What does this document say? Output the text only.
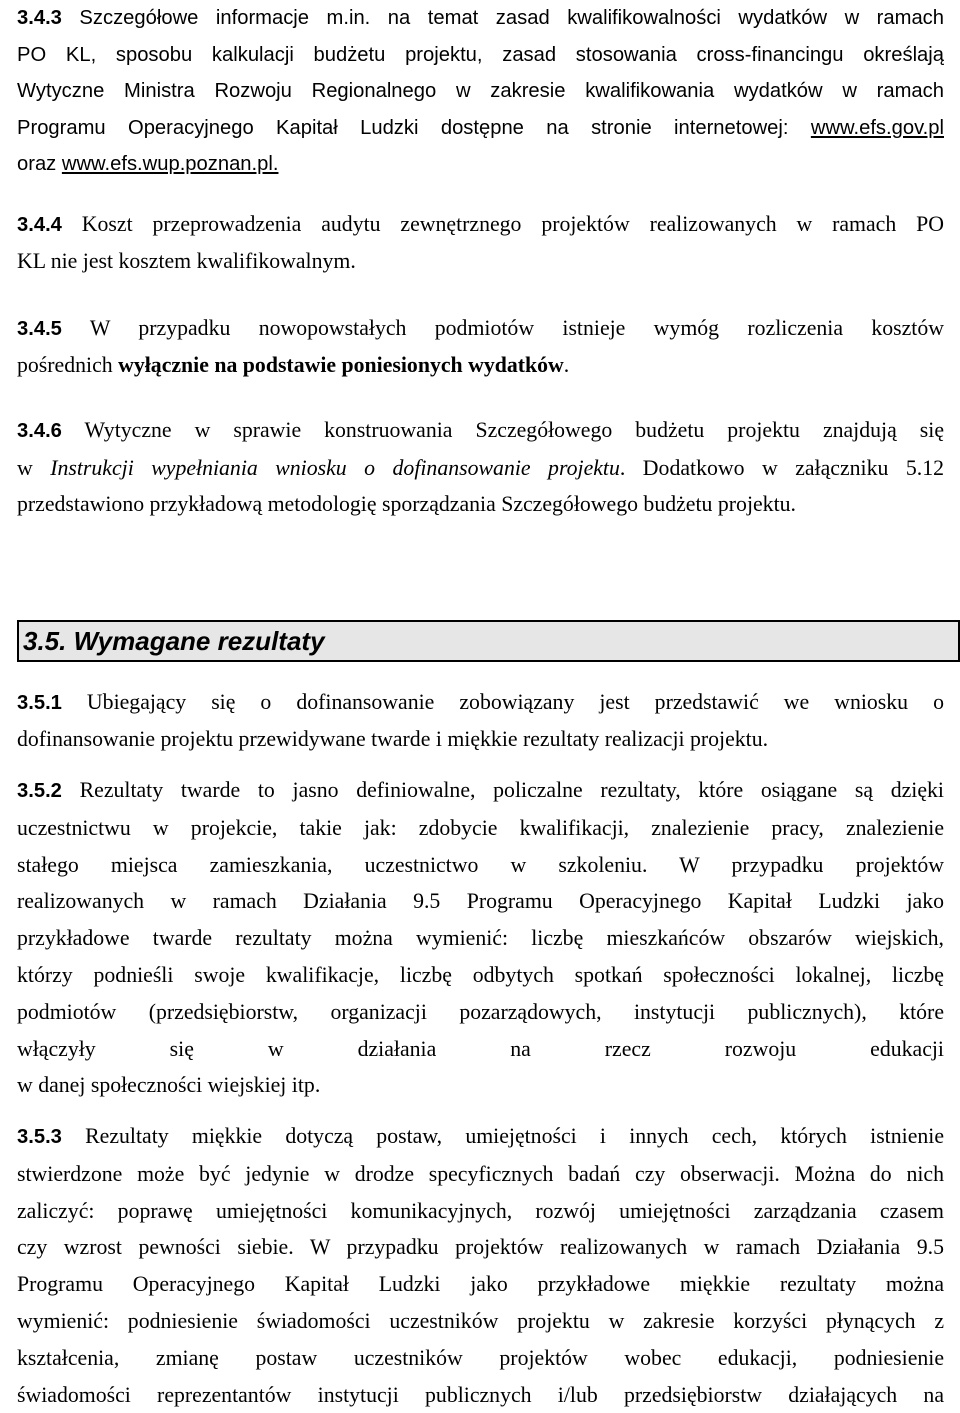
3.4.3 Szczegółowe informacje m.in. na temat zasad kwalifikowalności wydatków w ramach
PO KL, sposobu kalkulacji budżetu projektu, zasad stosowania cross-financingu określają
Wytyczne Ministra Rozwoju Regionalnego w zakresie kwalifikowania wydatków w ramach
Programu Operacyjnego Kapitał Ludzki dostępne na stronie internetowej: www.efs.gov.pl
oraz www.efs.wup.poznan.pl.
3.4.4 Koszt przeprowadzenia audytu zewnętrznego projektów realizowanych w ramach PO
KL nie jest kosztem kwalifikowalnym.
3.4.5 W przypadku nowopowstałych podmiotów istnieje wymóg rozliczenia kosztów
pośrednich wyłącznie na podstawie poniesionych wydatków.
3.4.6 Wytyczne w sprawie konstruowania Szczegółowego budżetu projektu znajdują się
w Instrukcji wypełniania wniosku o dofinansowanie projektu. Dodatkowo w załączniku 5.12
przedstawiono przykładową metodologię sporządzania Szczegółowego budżetu projektu.
3.5. Wymagane rezultaty
3.5.1 Ubiegający się o dofinansowanie zobowiązany jest przedstawić we wniosku o
dofinansowanie projektu przewidywane twarde i miękkie rezultaty realizacji projektu.
3.5.2 Rezultaty twarde to jasno definiowalne, policzalne rezultaty, które osiągane są dzięki
uczestnictwu w projekcie, takie jak: zdobycie kwalifikacji, znalezienie pracy, znalezienie
stałego miejsca zamieszkania, uczestnictwo w szkoleniu. W przypadku projektów
realizowanych w ramach Działania 9.5 Programu Operacyjnego Kapitał Ludzki jako
przykładowe twarde rezultaty można wymienić: liczbę mieszkańców obszarów wiejskich,
którzy podnieśli swoje kwalifikacje, liczbę odbytych spotkań społeczności lokalnej, liczbę
podmiotów (przedsiębiorstw, organizacji pozarządowych, instytucji publicznych), które
włączyły się w działania na rzecz rozwoju edukacji
w danej społeczności wiejskiej itp.
3.5.3 Rezultaty miękkie dotyczą postaw, umiejętności i innych cech, których istnienie
stwierdzone może być jedynie w drodze specyficznych badań czy obserwacji. Można do nich
zaliczyć: poprawę umiejętności komunikacyjnych, rozwój umiejętności zarządzania czasem
czy wzrost pewności siebie. W przypadku projektów realizowanych w ramach Działania 9.5
Programu Operacyjnego Kapitał Ludzki jako przykładowe miękkie rezultaty można
wymienić: podniesienie świadomości uczestników projektu w zakresie korzyści płynących z
kształcenia, zmianę postaw uczestników projektów wobec edukacji, podniesienie
świadomości reprezentantów instytucji publicznych i/lub przedsiębiorstw działających na
